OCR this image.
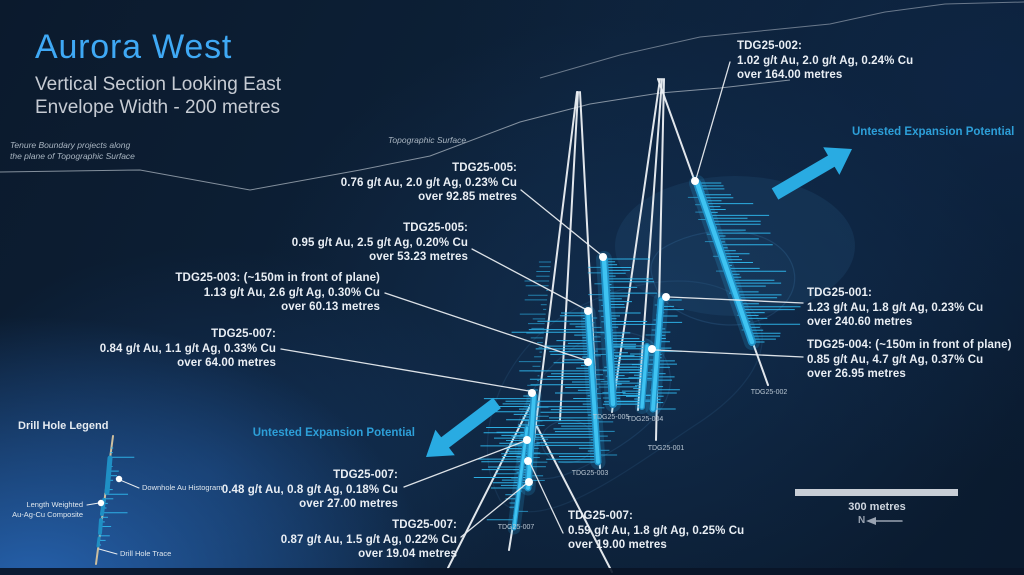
Aurora West
Vertical Section Looking East
Envelope Width - 200 metres
Tenure Boundary projects along
the plane of Topographic Surface
Topographic Surface
TDG25-002:
1.02 g/t Au, 2.0 g/t Ag, 0.24% Cu
over 164.00 metres
TDG25-005:
0.76 g/t Au, 2.0 g/t Ag, 0.23% Cu
over 92.85 metres
TDG25-005:
0.95 g/t Au, 2.5 g/t Ag, 0.20% Cu
over 53.23 metres
TDG25-003: (~150m in front of plane)
1.13 g/t Au, 2.6 g/t Ag, 0.30% Cu
over 60.13 metres
TDG25-007:
0.84 g/t Au, 1.1 g/t Ag, 0.33% Cu
over 64.00 metres
TDG25-001:
1.23 g/t Au, 1.8 g/t Ag, 0.23% Cu
over 240.60 metres
TDG25-004: (~150m in front of plane)
0.85 g/t Au, 4.7 g/t Ag, 0.37% Cu
over 26.95 metres
TDG25-007:
0.48 g/t Au, 0.8 g/t Ag, 0.18% Cu
over 27.00 metres
TDG25-007:
0.87 g/t Au, 1.5 g/t Ag, 0.22% Cu
over 19.04 metres
TDG25-007:
0.59 g/t Au, 1.8 g/t Ag, 0.25% Cu
over 19.00 metres
Untested Expansion Potential
Untested Expansion Potential
TDG25-005
TDG25-004
TDG25-001
TDG25-003
TDG25-002
TDG25-007
Drill Hole Legend
Downhole Au Histogram
Length Weighted
Au-Ag-Cu Composite
Drill Hole Trace
300 metres
N
